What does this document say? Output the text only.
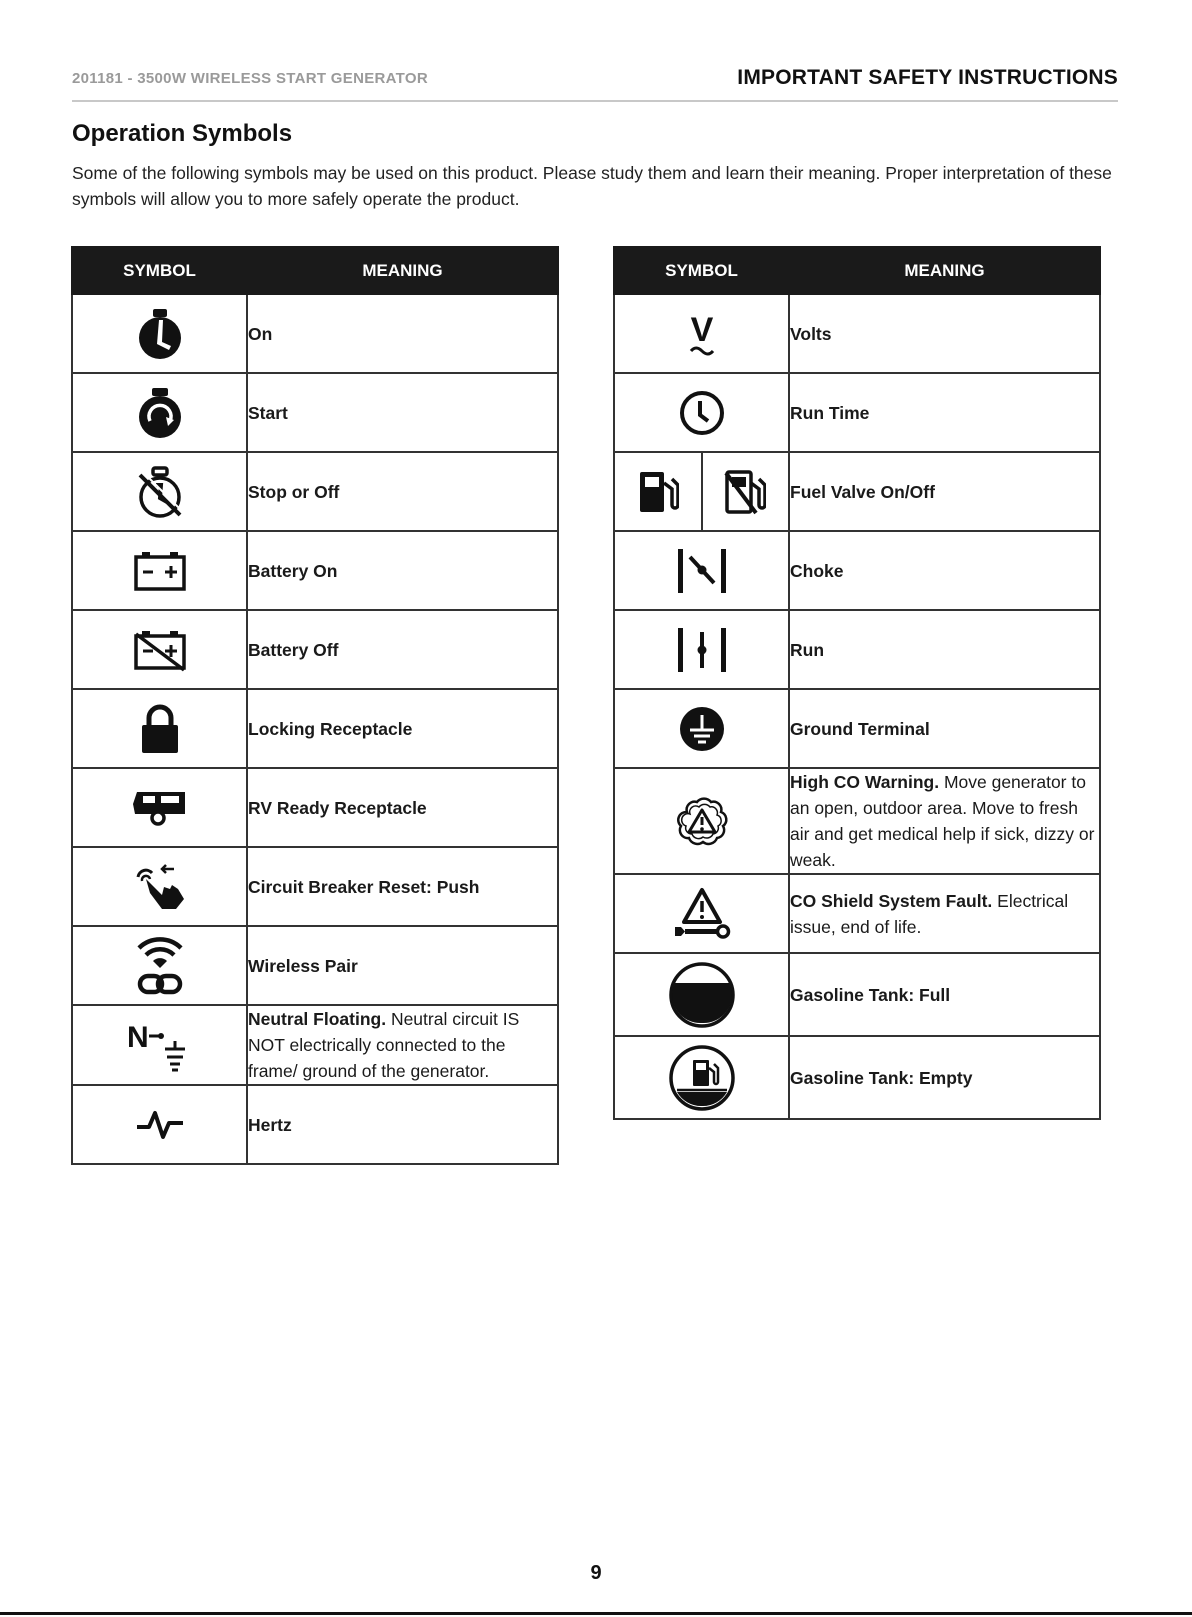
201181 - 3500W WIRELESS START GENERATOR	IMPORTANT SAFETY INSTRUCTIONS
Operation Symbols
Some of the following symbols may be used on this product. Please study them and learn their meaning. Proper interpretation of these symbols will allow you to more safely operate the product.
SYMBOL	MEANING

	On

	Start

	Stop or Off

	Battery On

	Battery Off

	Locking Receptacle

	RV Ready Receptacle

	Circuit Breaker Reset: Push

	Wireless Pair

N	Neutral Floating. Neutral circuit IS NOT electrically connected to the frame/ ground of the generator.

	Hertz
SYMBOL	MEANING

V	Volts

	Run Time

	Fuel Valve On/Off

	Choke

	Run

	Ground Terminal

	High CO Warning. Move generator to an open, outdoor area. Move to fresh air and get medical help if sick, dizzy or weak.

	CO Shield System Fault. Electrical issue, end of life.

	Gasoline Tank: Full

	Gasoline Tank: Empty
9
